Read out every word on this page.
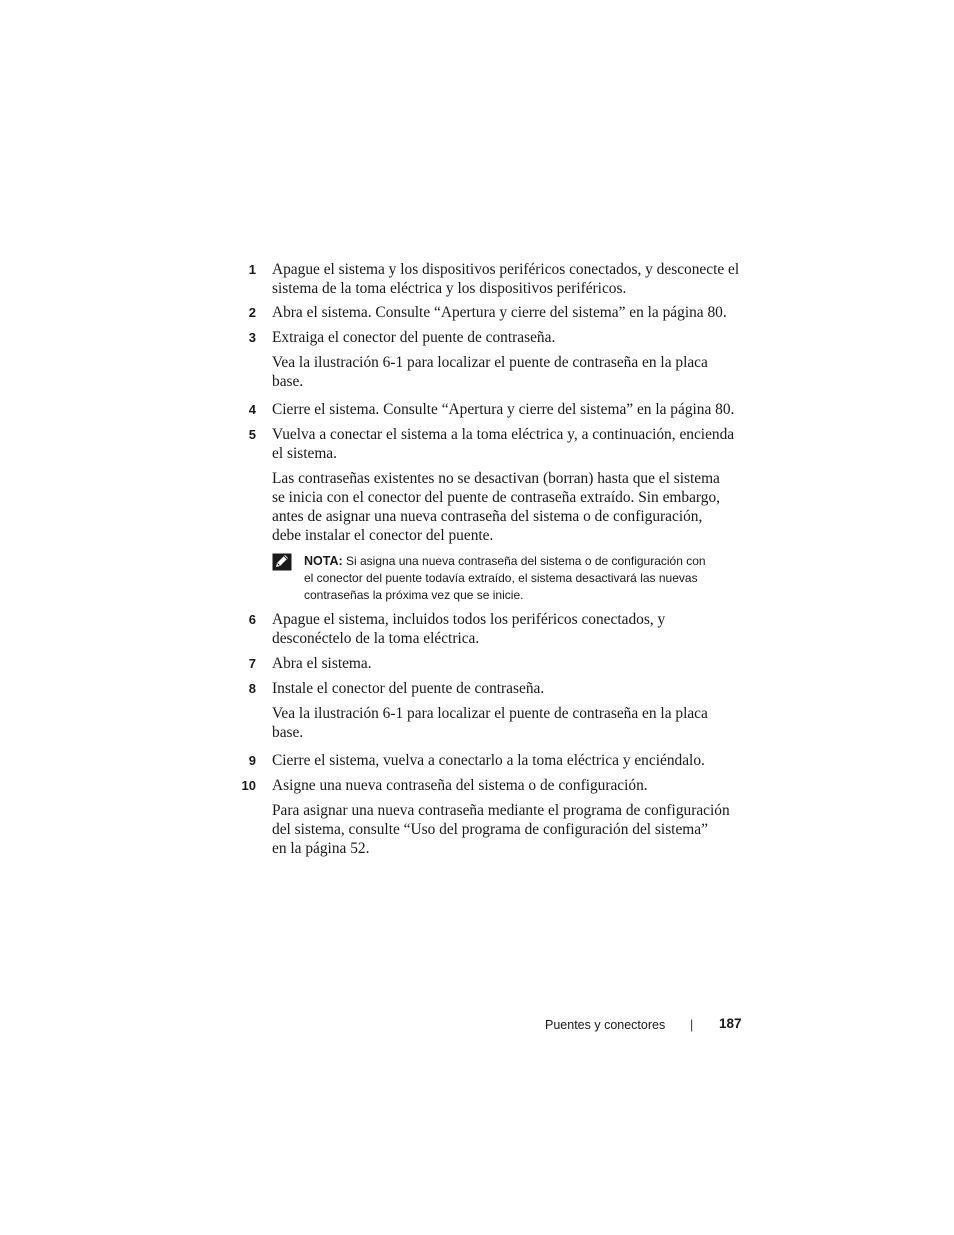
1 Apague el sistema y los dispositivos periféricos conectados, y desconecte el
sistema de la toma eléctrica y los dispositivos periféricos.
2 Abra el sistema. Consulte “Apertura y cierre del sistema” en la página 80.
3 Extraiga el conector del puente de contraseña.
Vea la ilustración 6-1 para localizar el puente de contraseña en la placa
base.
4 Cierre el sistema. Consulte “Apertura y cierre del sistema” en la página 80.
5 Vuelva a conectar el sistema a la toma eléctrica y, a continuación, encienda
el sistema.
Las contraseñas existentes no se desactivan (borran) hasta que el sistema
se inicia con el conector del puente de contraseña extraído. Sin embargo,
antes de asignar una nueva contraseña del sistema o de configuración,
debe instalar el conector del puente.
NOTA: Si asigna una nueva contraseña del sistema o de configuración con
el conector del puente todavía extraído, el sistema desactivará las nuevas
contraseñas la próxima vez que se inicie.
6 Apague el sistema, incluidos todos los periféricos conectados, y
desconéctelo de la toma eléctrica.
7 Abra el sistema.
8 Instale el conector del puente de contraseña.
Vea la ilustración 6-1 para localizar el puente de contraseña en la placa
base.
9 Cierre el sistema, vuelva a conectarlo a la toma eléctrica y enciéndalo.
10 Asigne una nueva contraseña del sistema o de configuración.
Para asignar una nueva contraseña mediante el programa de configuración
del sistema, consulte “Uso del programa de configuración del sistema”
en la página 52.
Puentes y conectores | 187
